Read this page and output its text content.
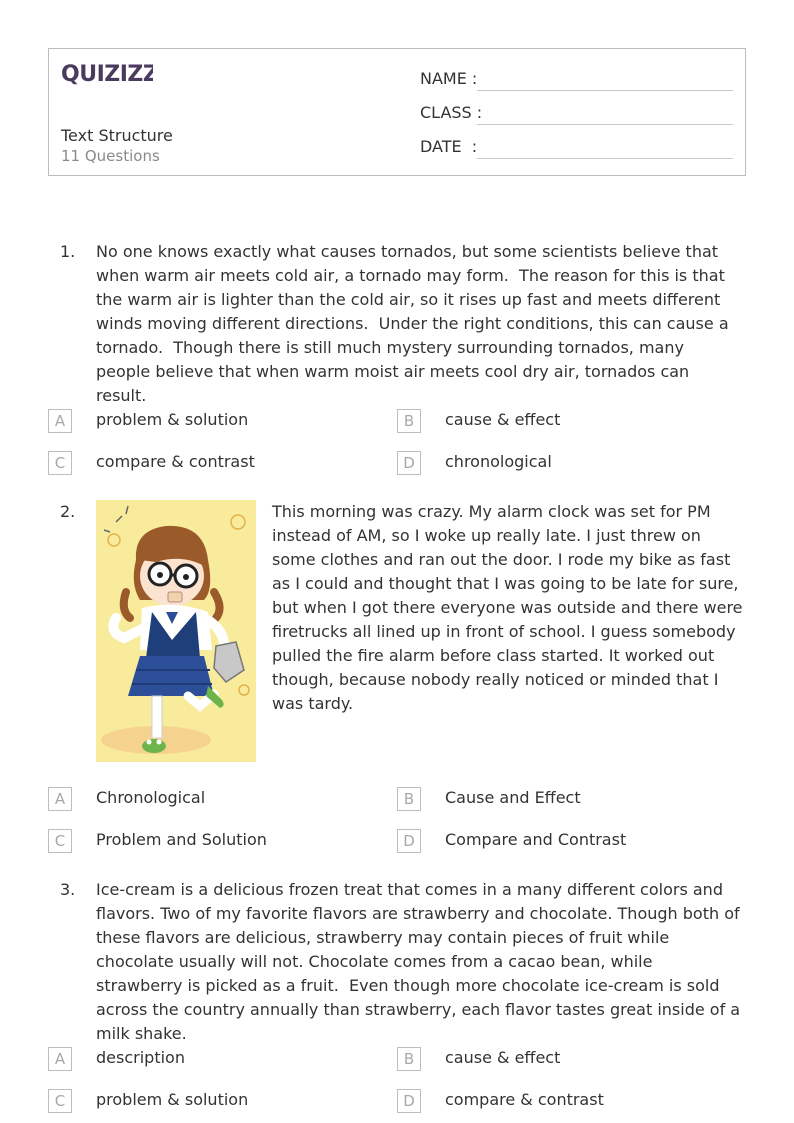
QUIZIZZ
Text Structure
11 Questions
NAME :
CLASS :
DATE  :
1. No one knows exactly what causes tornados, but some scientists believe that when warm air meets cold air, a tornado may form.  The reason for this is that the warm air is lighter than the cold air, so it rises up fast and meets different winds moving different directions.  Under the right conditions, this can cause a tornado.  Though there is still much mystery surrounding tornados, many people believe that when warm moist air meets cool dry air, tornados can result.
A	problem & solution	B	cause & effect
C	compare & contrast	D	chronological
2.	This morning was crazy. My alarm clock was set for PM instead of AM, so I woke up really late. I just threw on some clothes and ran out the door. I rode my bike as fast as I could and thought that I was going to be late for sure, but when I got there everyone was outside and there were firetrucks all lined up in front of school. I guess somebody pulled the fire alarm before class started. It worked out though, because nobody really noticed or minded that I was tardy.
A	Chronological	B	Cause and Effect
C	Problem and Solution	D	Compare and Contrast
3. Ice-cream is a delicious frozen treat that comes in a many different colors and flavors. Two of my favorite flavors are strawberry and chocolate. Though both of these flavors are delicious, strawberry may contain pieces of fruit while chocolate usually will not. Chocolate comes from a cacao bean, while strawberry is picked as a fruit.  Even though more chocolate ice-cream is sold across the country annually than strawberry, each flavor tastes great inside of a milk shake.
A	description	B	cause & effect
C	problem & solution	D	compare & contrast
